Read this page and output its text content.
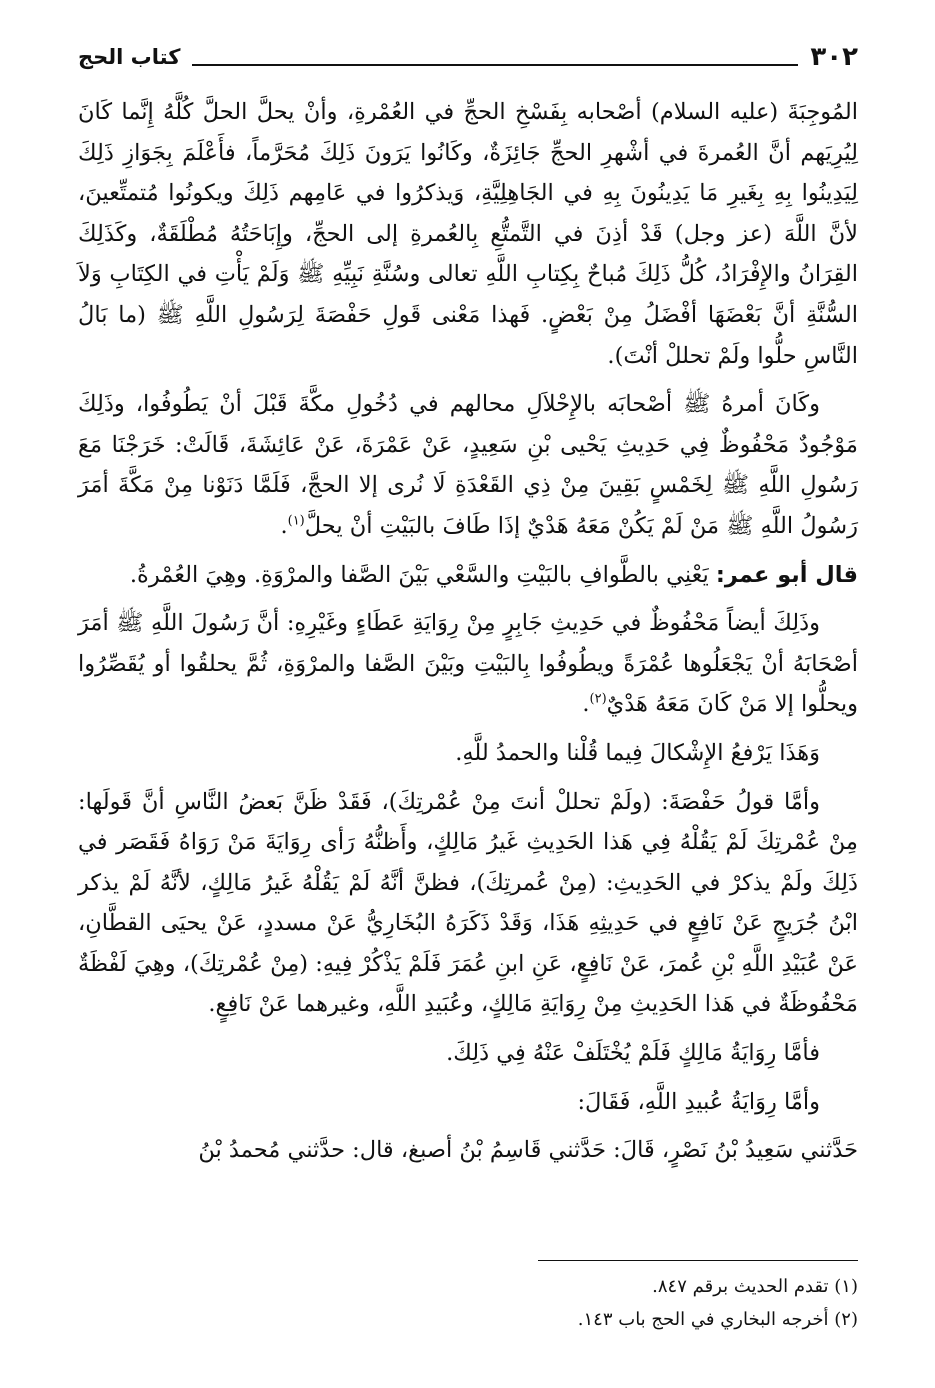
٣٠٢
كتاب الحج

المُوجِبَةَ (عليه السلام) أصْحابه بِفَسْخِ الحجِّ في العُمْرةِ، وأنْ يحلَّ الحلَّ كُلَّهُ إِنَّما كَانَ لِيُرِيَهم أنَّ العُمرةَ في أشْهرِ الحجِّ جَائِزَةٌ، وكَانُوا يَرَونَ ذَلِكَ مُحَرَّماً، فأَعْلَمَ بِجَوَازِ ذَلِكَ لِيَدِينُوا بِهِ بِغَيرِ مَا يَدِينُونَ بِهِ في الجَاهِلِيَّةِ، وَيذكرُوا في عَامِهم ذَلِكَ ويكونُوا مُتمتِّعينَ، لأنَّ اللَّهَ (عز وجل) قَدْ أذِنَ في التَّمتُّعِ بِالعُمرةِ إلى الحجِّ، وإِبَاحَتُهُ مُطْلَقَةٌ، وكَذَلِكَ القِرَانُ والإِفْرَادُ، كُلُّ ذَلِكَ مُباحٌ بِكِتابِ اللَّهِ تعالى وسُنَّةِ نَبِيِّهِ ﷺ وَلَمْ يَأْتِ في الكِتَابِ وَلاَ السُّنَّةِ أنَّ بَعْضَهَا أفْضَلُ مِنْ بَعْضٍ. فَهذا مَعْنى قَولِ حَفْصَةَ لِرَسُولِ اللَّهِ ﷺ (ما بَالُ النَّاسِ حلُّوا ولَمْ تحللْ أنْتَ).

وكَانَ أمرهُ ﷺ أصْحابَه بالإِحْلاَلِ محالهم في دُخُولِ مكَّةَ قَبْلَ أنْ يَطُوفُوا، وذَلِكَ مَوْجُودٌ مَحْفُوظٌ فِي حَدِيثِ يَحْيى بْنِ سَعِيدٍ، عَنْ عَمْرَةَ، عَنْ عَائِشَةَ، قَالَتْ: خَرَجْنَا مَعَ رَسُولِ اللَّهِ ﷺ لِخَمْسٍ بَقِينَ مِنْ ذِي القَعْدَةِ لَا نُرى إلا الحجَّ، فَلَمَّا دَنَوْنا مِنْ مَكَّةَ أمَرَ رَسُولُ اللَّهِ ﷺ مَنْ لَمْ يَكُنْ مَعَهُ هَدْيٌ إذَا طَافَ بالبَيْتِ أنْ يحلَّ$^{(١)}$.

قال أبو عمر: يَعْنِي بالطَّوافِ بالبَيْتِ والسَّعْي بَيْنَ الصَّفا والمرْوَةِ. وهِيَ العُمْرةُ.

وذَلِكَ أيضاً مَحْفُوظٌ في حَدِيثِ جَابِرٍ مِنْ رِوَايَةِ عَطَاءٍ وغَيْرِهِ: أنَّ رَسُولَ اللَّهِ ﷺ أمَرَ أصْحَابَهُ أنْ يَجْعَلُوها عُمْرَةً ويطُوفُوا بِالبَيْتِ وبَيْنَ الصَّفا والمرْوَةِ، ثُمَّ يحلقُوا أو يُقَصِّرُوا ويحلُّوا إلا مَنْ كَانَ مَعَهُ هَدْيٌ$^{(٢)}$.

وَهَذَا يَرْفعُ الإِشْكالَ فِيما قُلْنا والحمدُ للَّهِ.

وأمَّا قولُ حَفْصَةَ: (ولَمْ تحللْ أنتَ مِنْ عُمْرتِكَ)، فَقَدْ ظَنَّ بَعضُ النَّاسِ أنَّ قَولَها: مِنْ عُمْرتِكَ لَمْ يَقُلْهُ فِي هَذا الحَدِيثِ غَيرُ مَالِكٍ، وأَظنُّهُ رَأى رِوَايَةَ مَنْ رَوَاهُ فَقَصَر في ذَلِكَ ولَمْ يذكرْ في الحَدِيثِ: (مِنْ عُمرتِكَ)، فظنَّ أنَّهُ لَمْ يَقُلْهُ غَيرُ مَالِكٍ، لأنَّهُ لَمْ يذكر ابْنُ جُرَيجٍ عَنْ نَافِعٍ في حَدِيثِهِ هَذَا، وَقَدْ ذَكَرَهُ البُخَارِيُّ عَنْ مسددٍ، عَنْ يحيَى القطَّانِ، عَنْ عُبَيْدِ اللَّهِ بْنِ عُمرَ، عَنْ نَافِعٍ، عَنِ ابنِ عُمَرَ فَلَمْ يَذْكُرْ فِيهِ: (مِنْ عُمْرتِكَ)، وهِيَ لَفْظَةٌ مَحْفُوظَةٌ في هَذا الحَدِيثِ مِنْ رِوَايَةِ مَالِكٍ، وعُبَيدِ اللَّهِ، وغيرهما عَنْ نَافِعٍ.

فأمَّا رِوَايَةُ مَالِكٍ فَلَمْ يُخْتَلَفْ عَنْهُ فِي ذَلِكَ.

وأمَّا رِوَايَةُ عُبيدِ اللَّهِ، فَقَالَ:

حَدَّثني سَعِيدُ بْنُ نَصْرٍ، قَالَ: حَدَّثني قَاسِمُ بْنُ أصبغ، قال: حدَّثني مُحمدُ بْنُ

(١) تقدم الحديث برقم ٨٤٧.

(٢) أخرجه البخاري في الحج باب ١٤٣.
